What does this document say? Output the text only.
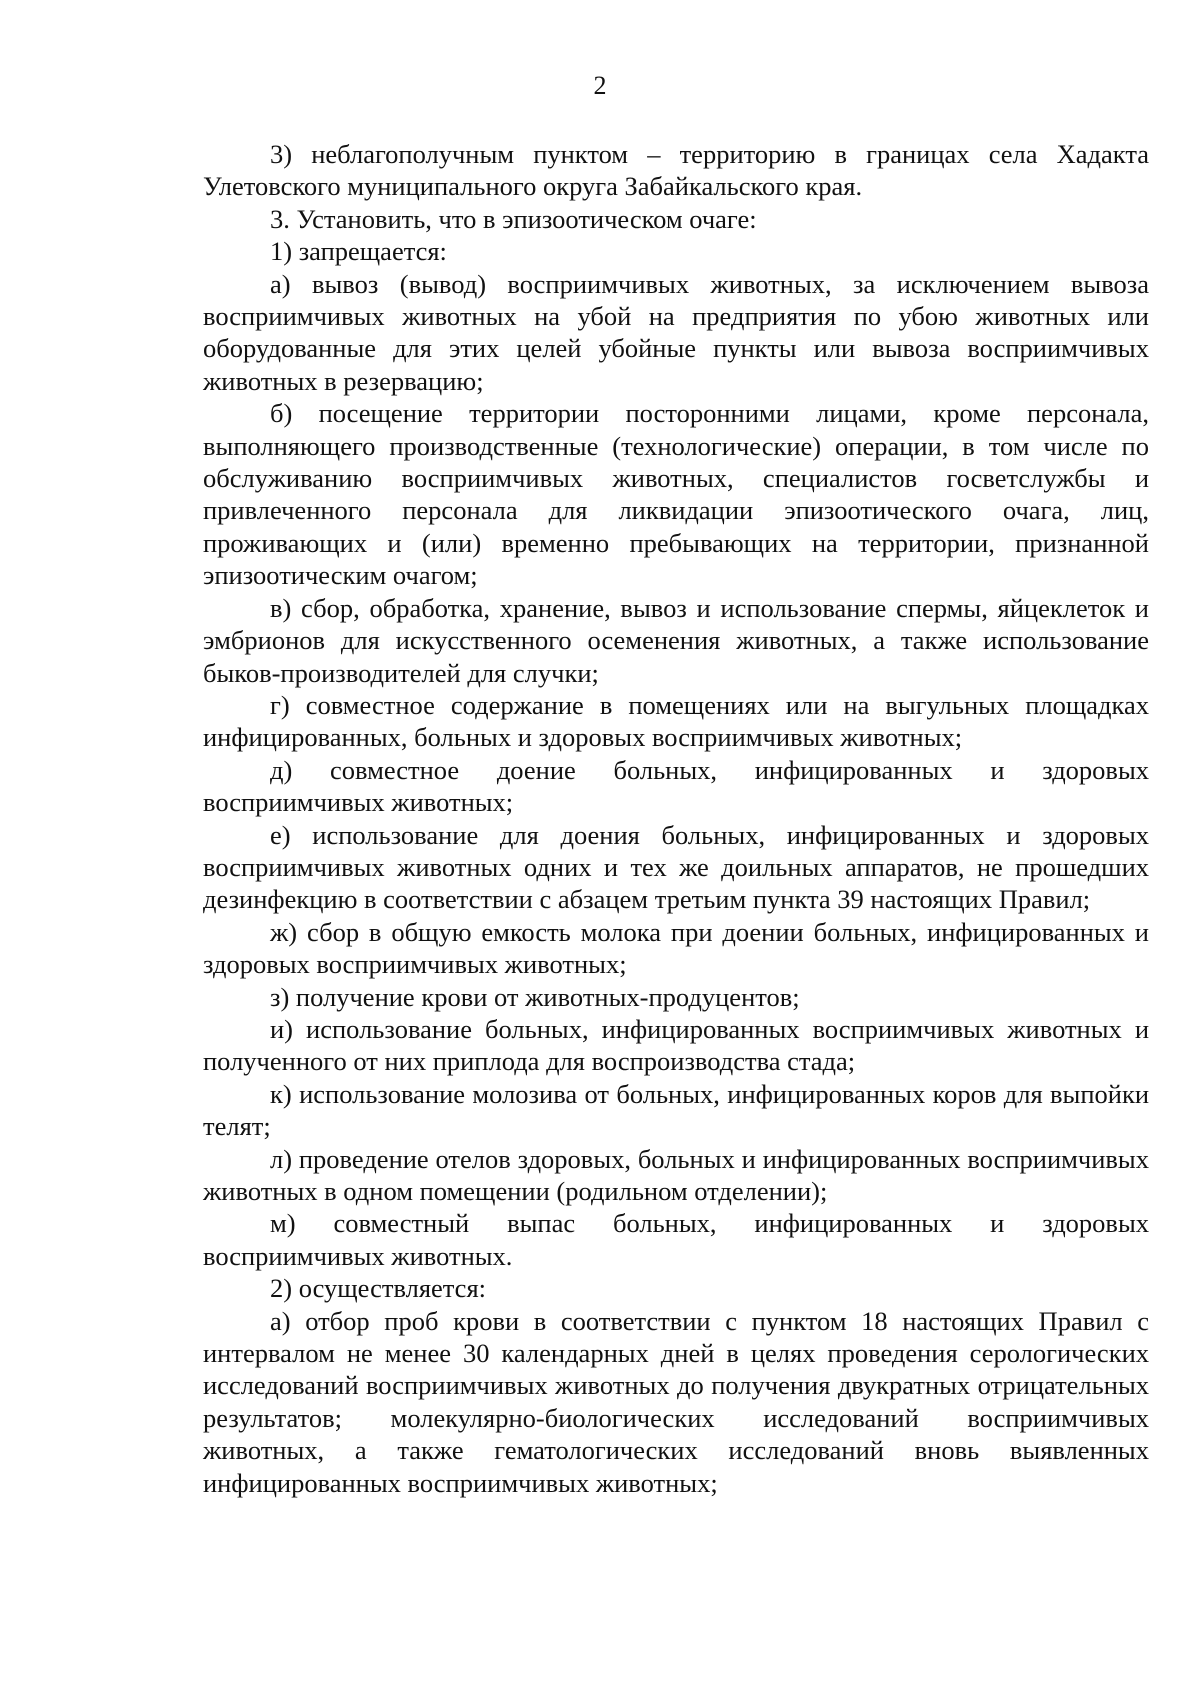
2

3) неблагополучным пунктом – территорию в границах села Хадакта Улетовского муниципального округа Забайкальского края.

3. Установить, что в эпизоотическом очаге:

1) запрещается:

а) вывоз (вывод) восприимчивых животных, за исключением вывоза восприимчивых животных на убой на предприятия по убою животных или оборудованные для этих целей убойные пункты или вывоза восприимчивых животных в резервацию;

б) посещение территории посторонними лицами, кроме персонала, выполняющего производственные (технологические) операции, в том числе по обслуживанию восприимчивых животных, специалистов госветслужбы и привлеченного персонала для ликвидации эпизоотического очага, лиц, проживающих и (или) временно пребывающих на территории, признанной эпизоотическим очагом;

в) сбор, обработка, хранение, вывоз и использование спермы, яйцеклеток и эмбрионов для искусственного осеменения животных, а также использование быков-производителей для случки;

г) совместное содержание в помещениях или на выгульных площадках инфицированных, больных и здоровых восприимчивых животных;

д) совместное доение больных, инфицированных и здоровых восприимчивых животных;

е) использование для доения больных, инфицированных и здоровых восприимчивых животных одних и тех же доильных аппаратов, не прошедших дезинфекцию в соответствии с абзацем третьим пункта 39 настоящих Правил;

ж) сбор в общую емкость молока при доении больных, инфицированных и здоровых восприимчивых животных;

з) получение крови от животных-продуцентов;

и) использование больных, инфицированных восприимчивых животных и полученного от них приплода для воспроизводства стада;

к) использование молозива от больных, инфицированных коров для выпойки телят;

л) проведение отелов здоровых, больных и инфицированных восприимчивых животных в одном помещении (родильном отделении);

м) совместный выпас больных, инфицированных и здоровых восприимчивых животных.

2) осуществляется:

а) отбор проб крови в соответствии с пунктом 18 настоящих Правил с интервалом не менее 30 календарных дней в целях проведения серологических исследований восприимчивых животных до получения двукратных отрицательных результатов; молекулярно-биологических исследований восприимчивых животных, а также гематологических исследований вновь выявленных инфицированных восприимчивых животных;
